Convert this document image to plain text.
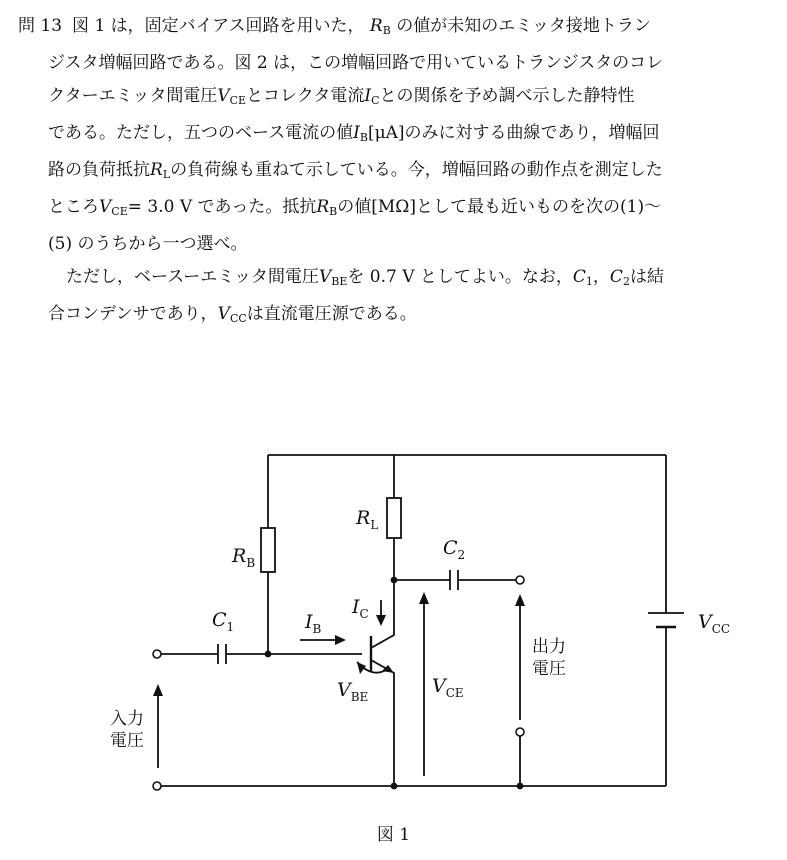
問 13 図 1 は，固定バイアス回路を用いた， $R_B$ の値が未知のエミッタ接地トラン
ジスタ増幅回路である。図 2 は，この増幅回路で用いているトランジスタのコレ
クターエミッタ間電圧$V_{CE}$とコレクタ電流$I_C$との関係を予め調べ示した静特性
である。ただし，五つのベース電流の値$I_B[\mu A]$のみに対する曲線であり，増幅回
路の負荷抵抗$R_L$の負荷線も重ねて示している。今，増幅回路の動作点を測定した
ところ$V_{CE}= 3.0$ V であった。抵抗$R_B$の値[MΩ]として最も近いものを次の(1)〜
(5) のうちから一つ選べ。
ただし，ベースーエミッタ間電圧$V_{BE}$を 0.7 V としてよい。なお，$C_1$，$C_2$は結
合コンデンサであり，$V_{CC}$は直流電圧源である。
$R_B$
$R_L$
$C_1$
$C_2$
$I_B$
$I_C$
$V_{BE}$	$V_{CE}$
$V_{CC}$
出力
電圧
入力
電圧
図 1
